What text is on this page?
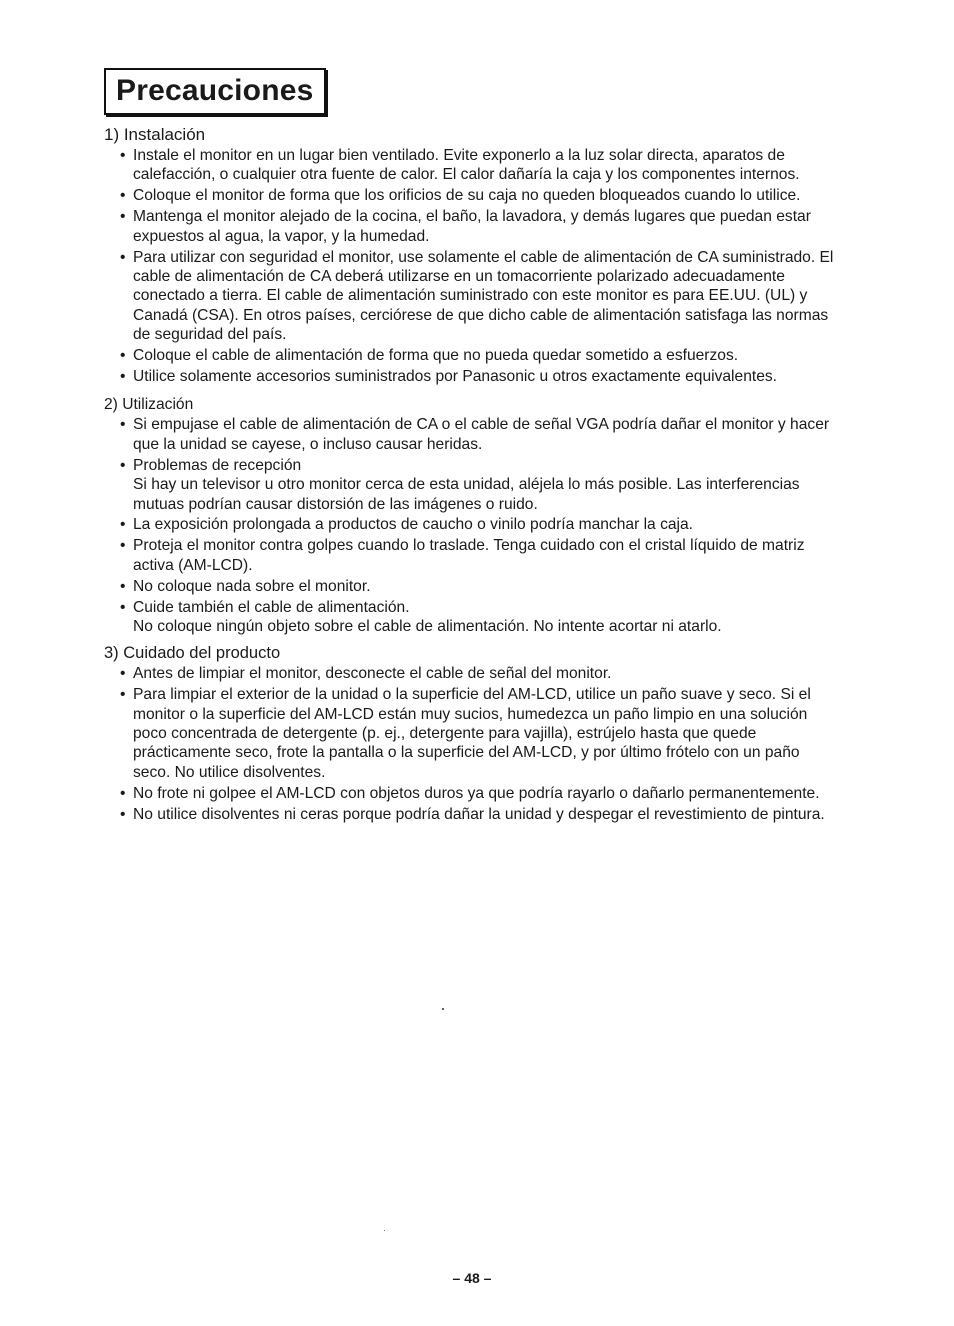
Precauciones
1) Instalación
• Instale el monitor en un lugar bien ventilado. Evite exponerlo a la luz solar directa, aparatos de calefacción, o cualquier otra fuente de calor. El calor dañaría la caja y los componentes internos.
• Coloque el monitor de forma que los orificios de su caja no queden bloqueados cuando lo utilice.
• Mantenga el monitor alejado de la cocina, el baño, la lavadora, y demás lugares que puedan estar expuestos al agua, la vapor, y la humedad.
• Para utilizar con seguridad el monitor, use solamente el cable de alimentación de CA suministrado. El cable de alimentación de CA deberá utilizarse en un tomacorriente polarizado adecuadamente conectado a tierra. El cable de alimentación suministrado con este monitor es para EE.UU. (UL) y Canadá (CSA). En otros países, cerciórese de que dicho cable de alimentación satisfaga las normas de seguridad del país.
• Coloque el cable de alimentación de forma que no pueda quedar sometido a esfuerzos.
• Utilice solamente accesorios suministrados por Panasonic u otros exactamente equivalentes.
2) Utilización
• Si empujase el cable de alimentación de CA o el cable de señal VGA podría dañar el monitor y hacer que la unidad se cayese, o incluso causar heridas.
• Problemas de recepción
Si hay un televisor u otro monitor cerca de esta unidad, aléjela lo más posible. Las interferencias mutuas podrían causar distorsión de las imágenes o ruido.
• La exposición prolongada a productos de caucho o vinilo podría manchar la caja.
• Proteja el monitor contra golpes cuando lo traslade. Tenga cuidado con el cristal líquido de matriz activa (AM-LCD).
• No coloque nada sobre el monitor.
• Cuide también el cable de alimentación.
No coloque ningún objeto sobre el cable de alimentación. No intente acortar ni atarlo.
3) Cuidado del producto
• Antes de limpiar el monitor, desconecte el cable de señal del monitor.
• Para limpiar el exterior de la unidad o la superficie del AM-LCD, utilice un paño suave y seco. Si el monitor o la superficie del AM-LCD están muy sucios, humedezca un paño limpio en una solución poco concentrada de detergente (p. ej., detergente para vajilla), estrújelo hasta que quede prácticamente seco, frote la pantalla o la superficie del AM-LCD, y por último frótelo con un paño seco. No utilice disolventes.
• No frote ni golpee el AM-LCD con objetos duros ya que podría rayarlo o dañarlo permanentemente.
• No utilice disolventes ni ceras porque podría dañar la unidad y despegar el revestimiento de pintura.
– 48 –
